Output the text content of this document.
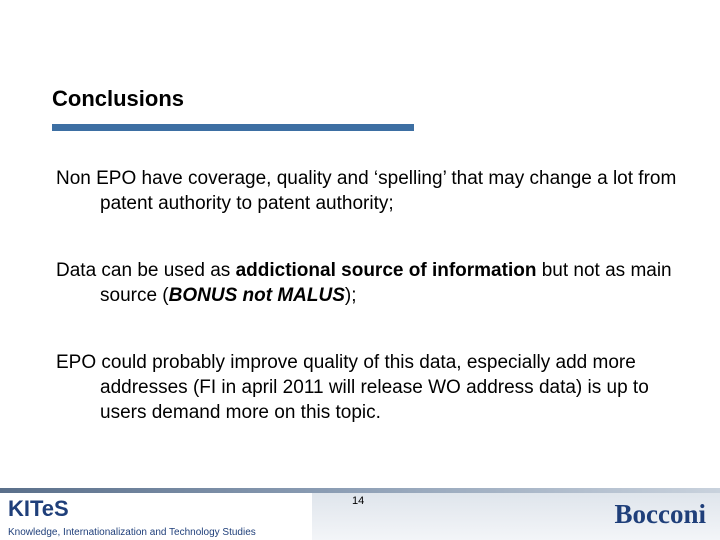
Conclusions
Non EPO have coverage, quality and ‘spelling’ that may change a lot from patent authority to patent authority;
Data can be used as addictional source of information but not as main source (BONUS not MALUS);
EPO could probably improve quality of this data, especially add more addresses (FI in april 2011 will release WO address data) is up to users demand more on this topic.
KITeS
Knowledge, Internationalization and Technology Studies
14	Bocconi
